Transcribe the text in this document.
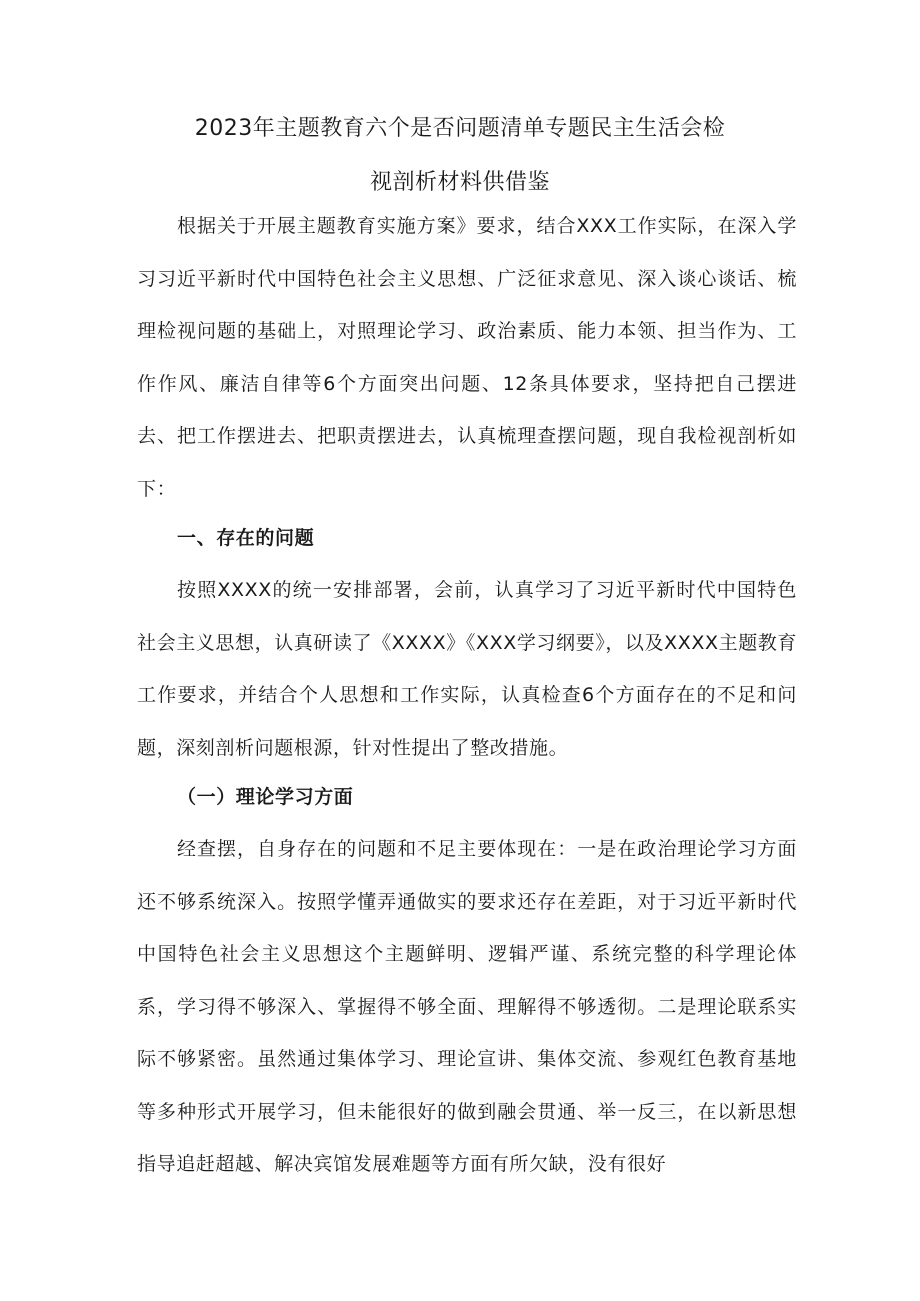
2023年主题教育六个是否问题清单专题民主生活会检
视剖析材料供借鉴

根据关于开展主题教育实施方案》要求，结合XXX工作实际，在深入学习习近平新时代中国特色社会主义思想、广泛征求意见、深入谈心谈话、梳理检视问题的基础上，对照理论学习、政治素质、能力本领、担当作为、工作作风、廉洁自律等6个方面突出问题、12条具体要求，坚持把自己摆进去、把工作摆进去、把职责摆进去，认真梳理查摆问题，现自我检视剖析如下：

一、存在的问题

按照XXXX的统一安排部署，会前，认真学习了习近平新时代中国特色社会主义思想，认真研读了《XXXX》《XXX学习纲要》，以及XXXX主题教育工作要求，并结合个人思想和工作实际，认真检查6个方面存在的不足和问题，深刻剖析问题根源，针对性提出了整改措施。

（一）理论学习方面

经查摆，自身存在的问题和不足主要体现在：一是在政治理论学习方面还不够系统深入。按照学懂弄通做实的要求还存在差距，对于习近平新时代中国特色社会主义思想这个主题鲜明、逻辑严谨、系统完整的科学理论体系，学习得不够深入、掌握得不够全面、理解得不够透彻。二是理论联系实际不够紧密。虽然通过集体学习、理论宣讲、集体交流、参观红色教育基地等多种形式开展学习，但未能很好的做到融会贯通、举一反三，在以新思想指导追赶超越、解决宾馆发展难题等方面有所欠缺，没有很好
